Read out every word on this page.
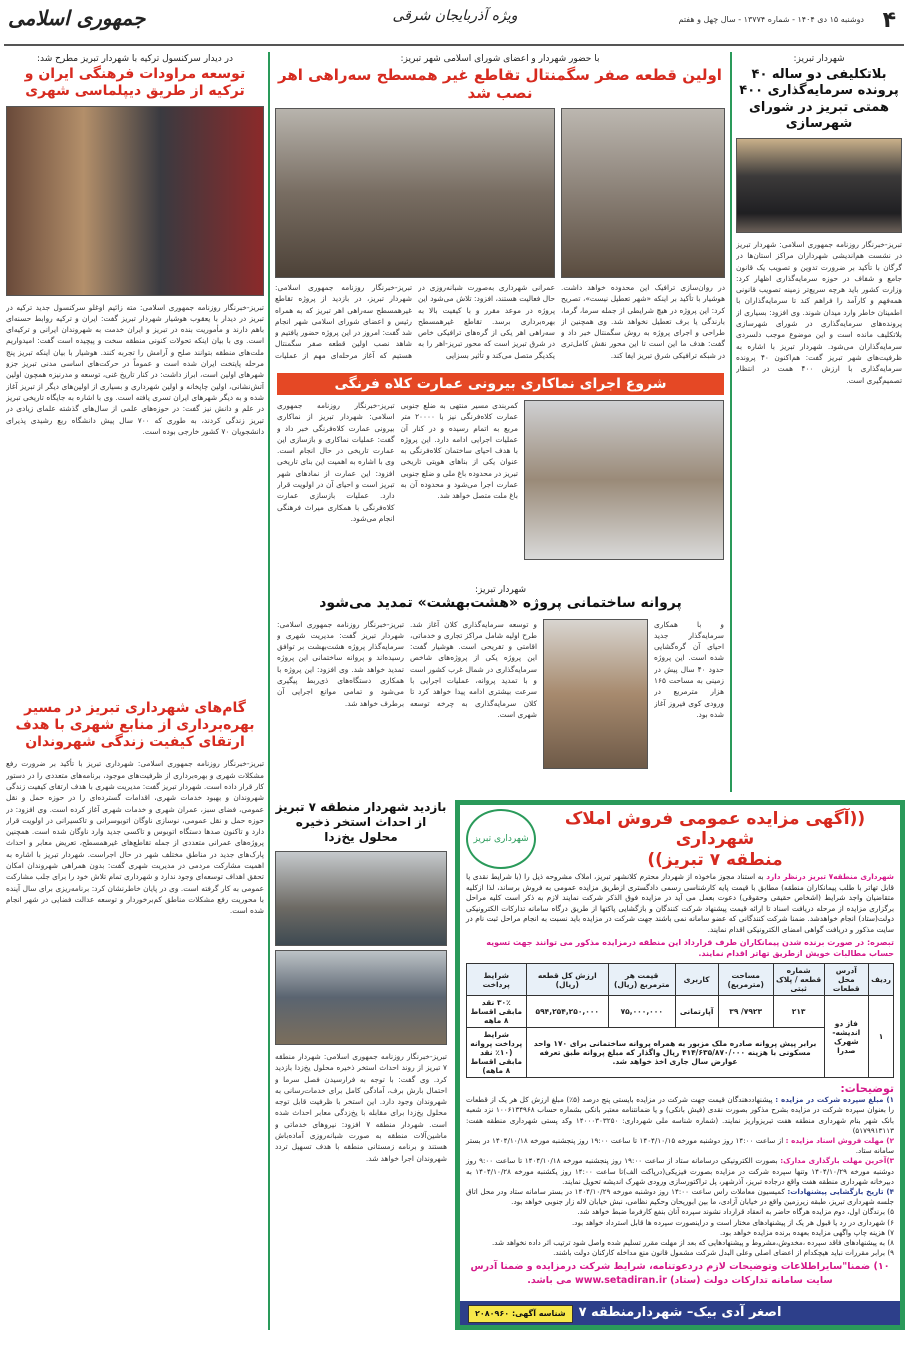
۴
دوشنبه ۱۵ دی ۱۴۰۴ - شماره ۱۳۷۷۴ - سال چهل و هفتم
ویژه آذربایجان شرقی
جمهوری اسلامی
شهردار تبریز:
بلاتکلیفی دو ساله ۴۰ پرونده سرمایه‌گذاری ۴۰۰ همتی تبریز در شورای شهرسازی
تبریز-خبرنگار روزنامه جمهوری اسلامی: شهردار تبریز در نشست هم‌اندیشی شهرداران مراکز استان‌ها در گرگان با تأکید بر ضرورت تدوین و تصویب یک قانون جامع و شفاف در حوزه سرمایه‌گذاری اظهار کرد: وزارت کشور باید هرچه سریع‌تر زمینه تصویب قانونی همه‌فهم و کارآمد را فراهم کند تا سرمایه‌گذاران با اطمینان خاطر وارد میدان شوند. وی افزود: بسیاری از پرونده‌های سرمایه‌گذاری در شورای شهرسازی بلاتکلیف مانده است و این موضوع موجب دلسردی سرمایه‌گذاران می‌شود. شهردار تبریز با اشاره به ظرفیت‌های شهر تبریز گفت: هم‌اکنون ۴۰ پرونده سرمایه‌گذاری با ارزش ۴۰۰ همت در انتظار تصمیم‌گیری است.
با حضور شهردار و اعضای شورای اسلامی شهر تبریز:
اولین قطعه صفر سگمنتال تقاطع غیر همسطح سه‌راهی اهر نصب شد
در روان‌سازی ترافیک این محدوده خواهد داشت. هوشیار با تأکید بر اینکه «شهر تعطیل نیست»، تصریح کرد: این پروژه در هیچ شرایطی از جمله سرما، گرما، بارندگی یا برف تعطیل نخواهد شد. وی همچنین از طراحی و اجرای پروژه به روش سگمنتال خبر داد و گفت: هدف ما این است تا این محور نقش کامل‌تری در شبکه ترافیکی شرق تبریز ایفا کند.
عمرانی شهرداری به‌صورت شبانه‌روزی در حال فعالیت هستند، افزود: تلاش می‌شود این پروژه در موعد مقرر و با کیفیت بالا به بهره‌برداری برسد. تقاطع غیرهمسطح سه‌راهی اهر یکی از گره‌های ترافیکی خاص در شرق تبریز است که محور تبریز-اهر را به یکدیگر متصل می‌کند و تأثیر بسزایی
تبریز-خبرنگار روزنامه جمهوری اسلامی: شهردار تبریز، در بازدید از پروژه تقاطع غیرهمسطح سه‌راهی اهر تبریز که به همراه رئیس و اعضای شورای اسلامی شهر انجام شد گفت: امروز در این پروژه حضور یافتیم و شاهد نصب اولین قطعه صفر سگمنتال هستیم که آغاز مرحله‌ای مهم از عملیات
شروع اجرای نماکاری بیرونی عمارت کلاه فرنگی
کمربندی مسیر منتهی به ضلع جنوبی عمارت کلاه‌فرنگی نیز با ۲۰۰۰۰ متر مربع به اتمام رسیده و در کنار آن عملیات اجرایی ادامه دارد. این پروژه با هدف احیای ساختمان کلاه‌فرنگی به عنوان یکی از بناهای هویتی تاریخی تبریز در محدوده باغ ملی و ضلع جنوبی عمارت اجرا می‌شود و محدوده آن به باغ ملت متصل خواهد شد.
تبریز-خبرنگار روزنامه جمهوری اسلامی: شهردار تبریز از نماکاری بیرونی عمارت کلاه‌فرنگی خبر داد و گفت: عملیات نماکاری و بازسازی این عمارت تاریخی در حال انجام است. وی با اشاره به اهمیت این بنای تاریخی افزود: این عمارت از نمادهای شهر تبریز است و احیای آن در اولویت قرار دارد. عملیات بازسازی عمارت کلاه‌فرنگی با همکاری میراث فرهنگی انجام می‌شود.
شهردار تبریز:
پروانه ساختمانی پروژه «هشت‌بهشت» تمدید می‌شود
و با همکاری سرمایه‌گذار جدید احیای آن گره‌گشایی شده است. این پروژه حدود ۴۰ سال پیش در زمینی به مساحت ۱۶۵ هزار مترمربع در ورودی کوی فیروز آغاز شده بود.
و توسعه سرمایه‌گذاری کلان آغاز شد. طرح اولیه شامل مراکز تجاری و خدماتی، اقامتی و تفریحی است. هوشیار گفت: این پروژه یکی از پروژه‌های شاخص سرمایه‌گذاری در شمال غرب کشور است و با تمدید پروانه، عملیات اجرایی با سرعت بیشتری ادامه پیدا خواهد کرد تا کلان سرمایه‌گذاری به چرخه توسعه شهری است.
تبریز-خبرنگار روزنامه جمهوری اسلامی: شهردار تبریز گفت: مدیریت شهری و سرمایه‌گذار پروژه هشت‌بهشت بر توافق رسیده‌اند و پروانه ساختمانی این پروژه تمدید خواهد شد. وی افزود: این پروژه با همکاری دستگاه‌های ذی‌ربط پیگیری می‌شود و تمامی موانع اجرایی آن برطرف خواهد شد.
در دیدار سرکنسول ترکیه با شهردار تبریز مطرح شد:
توسعه مراودات فرهنگی ایران و ترکیه از طریق دیپلماسی شهری
تبریز-خبرنگار روزنامه جمهوری اسلامی: مته زائیم اوغلو سرکنسول جدید ترکیه در تبریز در دیدار با یعقوب هوشیار شهردار تبریز گفت: ایران و ترکیه روابط حسنه‌ای باهم دارند و مأموریت بنده در تبریز و ایران خدمت به شهروندان ایرانی و ترکیه‌ای است. وی با بیان اینکه تحولات کنونی منطقه سخت و پیچیده است گفت: امیدواریم ملت‌های منطقه بتوانند صلح و آرامش را تجربه کنند. هوشیار با بیان اینکه تبریز پنج مرحله پایتخت ایران شده است و عموماً در حرکت‌های اساسی مدنی تبریز جزو شهرهای اولین است، ابراز داشت: در کنار تاریخ غنی، توسعه و مدرنیزه همچون اولین آتش‌نشانی، اولین چاپخانه و اولین شهرداری و بسیاری از اولین‌های دیگر از تبریز آغاز شده و به دیگر شهرهای ایران تسری یافته است. وی با اشاره به جایگاه تاریخی تبریز در علم و دانش نیز گفت: در حوزه‌های علمی از سال‌های گذشته علمای زیادی در تبریز زندگی کردند، به طوری که ۷۰۰ سال پیش دانشگاه ربع رشیدی پذیرای دانشجویان ۷۰ کشور خارجی بوده است.
گام‌های شهرداری تبریز در مسیر بهره‌برداری از منابع شهری با هدف ارتقای کیفیت زندگی شهروندان
تبریز-خبرنگار روزنامه جمهوری اسلامی: شهرداری تبریز با تأکید بر ضرورت رفع مشکلات شهری و بهره‌برداری از ظرفیت‌های موجود، برنامه‌های متعددی را در دستور کار قرار داده است. شهردار تبریز گفت: مدیریت شهری با هدف ارتقای کیفیت زندگی شهروندان و بهبود خدمات شهری، اقدامات گسترده‌ای را در حوزه حمل و نقل عمومی، فضای سبز، عمران شهری و خدمات شهری آغاز کرده است. وی افزود: در حوزه حمل و نقل عمومی، نوسازی ناوگان اتوبوسرانی و تاکسیرانی در اولویت قرار دارد و تاکنون صدها دستگاه اتوبوس و تاکسی جدید وارد ناوگان شده است. همچنین پروژه‌های عمرانی متعددی از جمله تقاطع‌های غیرهمسطح، تعریض معابر و احداث پارک‌های جدید در مناطق مختلف شهر در حال اجراست. شهردار تبریز با اشاره به اهمیت مشارکت مردمی در مدیریت شهری گفت: بدون همراهی شهروندان امکان تحقق اهداف توسعه‌ای وجود ندارد و شهرداری تمام تلاش خود را برای جلب مشارکت عمومی به کار گرفته است. وی در پایان خاطرنشان کرد: برنامه‌ریزی برای سال آینده با محوریت رفع مشکلات مناطق کم‌برخوردار و توسعه عدالت فضایی در شهر انجام شده است.
بازدید شهردار منطقه ۷ تبریز از احداث استخر ذخیره محلول یخ‌زدا
تبریز-خبرنگار روزنامه جمهوری اسلامی: شهردار منطقه ۷ تبریز از روند احداث استخر ذخیره محلول یخ‌زدا بازدید کرد. وی گفت: با توجه به فرارسیدن فصل سرما و احتمال بارش برف، آمادگی کامل برای خدمات‌رسانی به شهروندان وجود دارد. این استخر با ظرفیت قابل توجه محلول یخ‌زدا برای مقابله با یخ‌زدگی معابر احداث شده است. شهردار منطقه ۷ افزود: نیروهای خدماتی و ماشین‌آلات منطقه به صورت شبانه‌روزی آماده‌باش هستند و برنامه زمستانی منطقه با هدف تسهیل تردد شهروندان اجرا خواهد شد.
((آگهی مزایده عمومی فروش املاک شهرداری
منطقه ۷ تبریز))
شهرداری تبریز
شهرداری منطقه۷ تبریز درنظر دارد به استناد مجوز ماخوذه از شهردار محترم کلانشهر تبریز، املاک مشروحه ذیل را (با شرایط نقدی یا قابل تهاتر با طلب پیمانکاران منطقه) مطابق با قیمت پایه کارشناسی رسمی دادگستری ازطریق مزایده عمومی به فروش برساند، لذا ازکلیه متقاضیان واجد شرایط (اشخاص حقیقی وحقوقی) دعوت بعمل می آید در مزایده فوق الذکر شرکت نمایند لازم به ذکر است کلیه مراحل برگزاری مزایده از مرحله دریافت اسناد تا ارائه قیمت پیشنهاد شرکت کنندگان و بازگشایی پاکتها از طریق درگاه سامانه تدارکات الکترونیکی دولت(ستاد) انجام خواهدشد. ضمنا شرکت کنندگانی که عضو سامانه نمی باشند جهت شرکت در مزایده باید نسبت به انجام مراحل ثبت نام در سایت مذکور و دریافت گواهی امضای الکترونیکی اقدام نمایند.
تبصره: در صورت برنده شدن پیمانکاران طرف قرارداد این منطقه درمزایده مذکور می توانند جهت تسویه حساب مطالبات خویش ازطریق تهاتر اقدام نمایند.
ردیف	آدرس محل قطعات	شماره قطعه / پلاک ثبتی	مساحت (مترمربع)	کاربری	قیمت هر مترمربع (ریال)	ارزش کل قطعه (ریال)	شرایط پرداخت
۱	فاز دو اندیشه- شهرک صدرا	۲۱۳	۷۹۲۳/ ۳۹	آپارتمانی	۷۵,۰۰۰,۰۰۰	۵۹۴,۲۵۴,۲۵۰,۰۰۰	۳۰٪ نقد مابقی اقساط ۸ ماهه
		برابر پیش پروانه صادره ملک مزبور به همراه پروانه ساختمانی برای ۱۷۰ واحد مسکونی با هزینه ۴۱۴/۶۳۵/۸۷۰/۰۰۰ ریال واگذار که مبلغ پروانه طبق تعرفه عوارض سال جاری اخذ خواهد شد.					شرایط پرداخت پروانه (۱۰٪ نقد مابقی اقساط ۸ ماهه)
توضیحات:
۱) مبلغ سپرده شرکت در مزایده : پیشنهاددهندگان قیمت جهت شرکت در مزایده بایستی پنج درصد (۵٪) مبلغ ارزش کل هر یک از قطعات را بعنوان سپرده شرکت در مزایده بشرح مذکور بصورت نقدی (فیش بانکی) و یا ضمانتنامه معتبر بانکی بشماره حساب ۱۰۰۶۱۳۴۹۶۸ نزد شعبه بانک شهر بنام شهرداری منطقه هفت تبریزواریز نمایند. (شماره شناسه ملی شهرداری: ۱۴۰۰۰۳۰۳۲۵۰ وکد پستی شهرداری منطقه هفت: ۵۱۷۹۹۱۳۱۱۳)
۲) مهلت فروش اسناد مزایده : از ساعت ۱۴:۰۰ روز دوشنبه مورخه ۱۴۰۴/۱۰/۱۵ تا ساعت ۱۹:۰۰ روز پنجشنبه مورخه ۱۴۰۴/۱۰/۱۸ در بستر سامانه ستاد.
۳)آخرین مهلت بارگذاری مدارک: بصورت الکترونیکی درسامانه ستاد از ساعت ۱۹:۰۰ روز پنجشنبه مورخه ۱۴۰۴/۱۰/۱۸ تا ساعت ۹:۰۰ روز دوشنبه مورخه ۱۴۰۴/۱۰/۲۹ وتنها سپرده شرکت در مزایده بصورت فیزیکی(درپاکت الف)تا ساعت ۱۴:۰۰ روز یکشنبه مورخه ۱۴۰۴/۱۰/۲۸ به دبیرخانه شهرداری منطقه هفت واقع درجاده تبریز، آذرشهر، پل تراکتورسازی ورودی شهرک اندیشه تحویل نمایند.
۴) تاریخ بازگشایی پیشنهادات: کمیسیون معاملات راس ساعت ۱۴:۰۰ روز دوشنبه مورخه ۱۴۰۴/۱۰/۲۹ در بستر سامانه ستاد ودر محل اتاق جلسه شهرداری تبریز، طبقه زیرزمین واقع در خیابان آزادی، ما بین ابوریحان وحکیم نظامی، نبش خیابان لاله زار جنوبی خواهد بود.
۵) برندگان اول، دوم مزایده هرگاه حاضر به انعقاد قرارداد نشوند سپرده آنان بنفع کارفرما ضبط خواهد شد.
۶) شهرداری در رد یا قبول هر یک از پیشنهادهای مختار است و دراینصورت سپرده ها قابل استرداد خواهد بود.
۷) هزینه چاپ واگهی مزایده بعهده برنده مزایده خواهد بود.
۸) به پیشنهادهای فاقد سپرده ،مخدوش،مشروط و پیشنهادهایی که بعد از مهلت مقرر تسلیم شده واصل شود ترتیب اثر داده نخواهد شد.
۹) برابر مقررات نباید هیچکدام از اعضای اصلی وعلی البدل شرکت مشمول قانون منع مداخله کارکنان دولت باشند.
۱۰) ضمنا"سایراطلاعات وتوضیحات لازم دردعوتنامه، شرایط شرکت درمزایده و ضمنا آدرس سایت سامانه تدارکات دولت (ستاد) www.setadiran.ir می باشد.
اصغر آدی بیک– شهردارمنطقه ۷
شناسه آگهی: ۲۰۸۰۹۶۰
